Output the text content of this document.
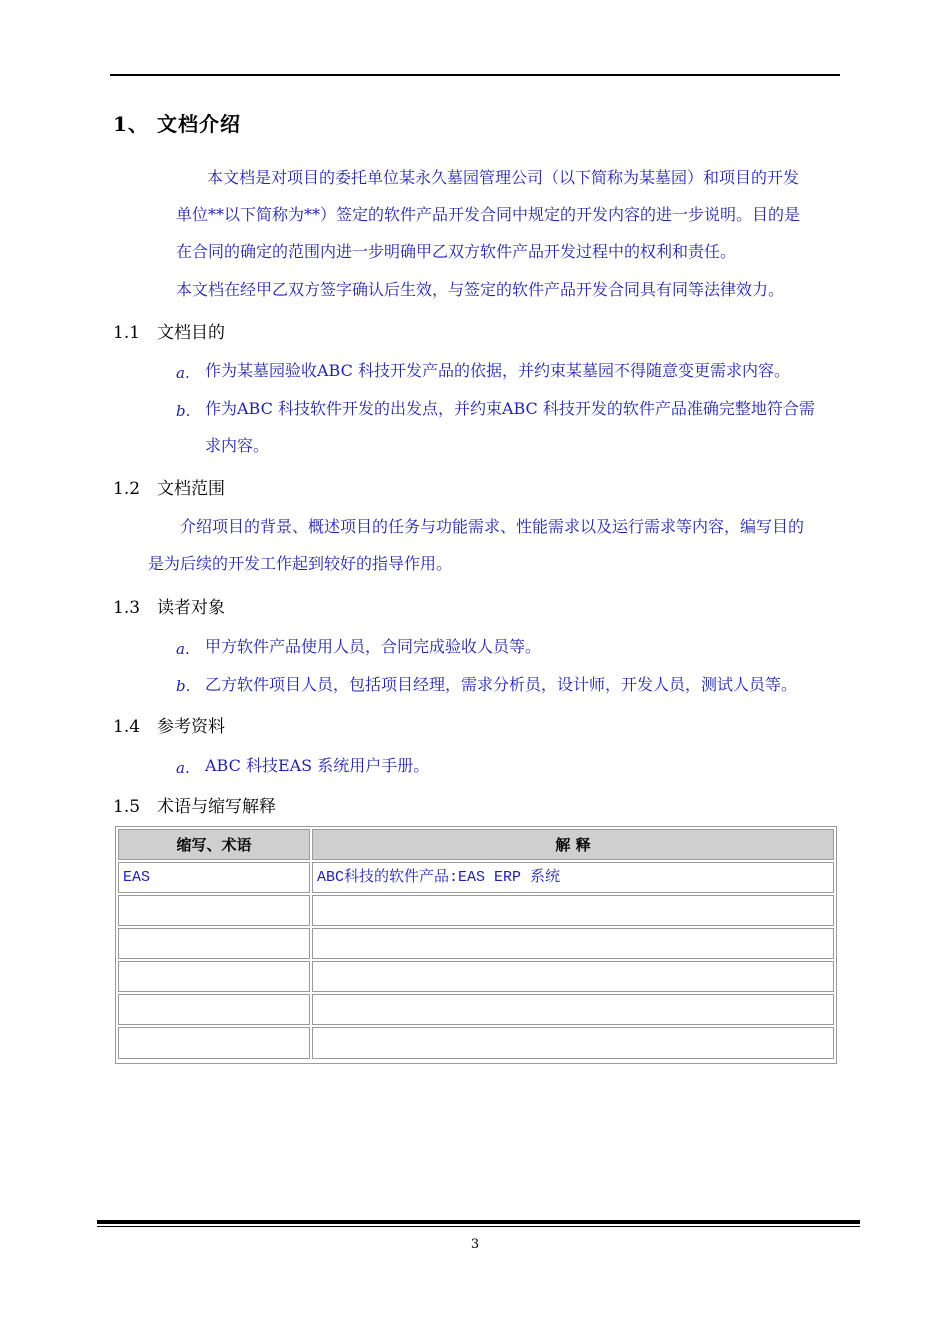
1、 文档介绍
本文档是对项目的委托单位某永久墓园管理公司（以下简称为某墓园）和项目的开发
单位**以下简称为**）签定的软件产品开发合同中规定的开发内容的进一步说明。目的是
在合同的确定的范围内进一步明确甲乙双方软件产品开发过程中的权利和责任。
本文档在经甲乙双方签字确认后生效，与签定的软件产品开发合同具有同等法律效力。
1.1 文档目的
a. 作为某墓园验收ABC 科技开发产品的依据，并约束某墓园不得随意变更需求内容。
b. 作为ABC 科技软件开发的出发点，并约束ABC 科技开发的软件产品准确完整地符合需
求内容。
1.2 文档范围
介绍项目的背景、概述项目的任务与功能需求、性能需求以及运行需求等内容，编写目的
是为后续的开发工作起到较好的指导作用。
1.3 读者对象
a. 甲方软件产品使用人员，合同完成验收人员等。
b. 乙方软件项目人员，包括项目经理，需求分析员，设计师，开发人员，测试人员等。
1.4 参考资料
a. ABC 科技EAS 系统用户手册。
1.5 术语与缩写解释
缩写、术语	解 释
EAS	ABC科技的软件产品:EAS ERP 系统
3
